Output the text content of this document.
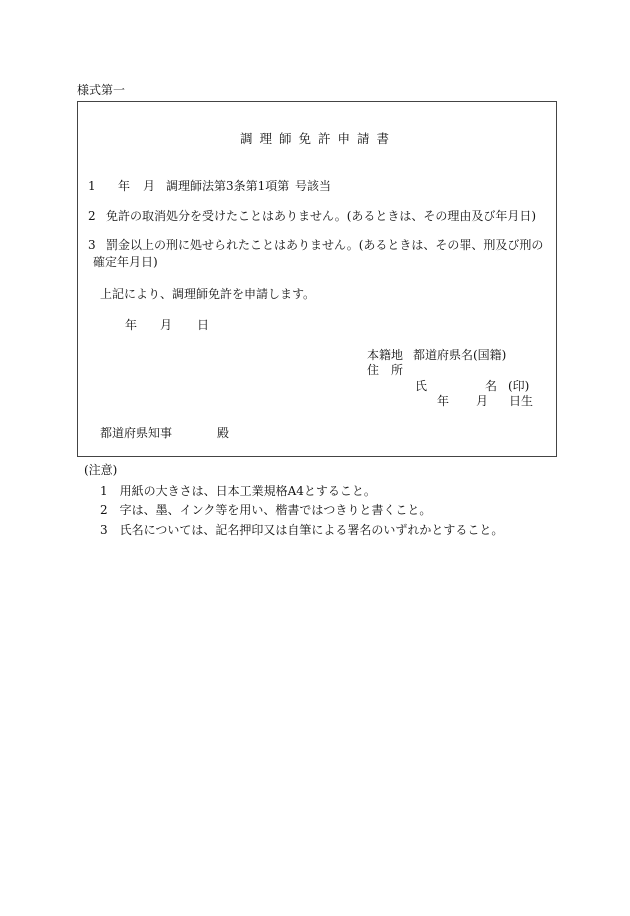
様式第一
調理師免許申請書
1 年 月 調理師法第3条第1項第 号該当
2 免許の取消処分を受けたことはありません。(あるときは、その理由及び年月日)
3 罰金以上の刑に処せられたことはありません。(あるときは、その罪、刑及び刑の
確定年月日)
上記により、調理師免許を申請します。
年 月 日
本籍地 都道府県名(国籍)
住　所
氏	名 (印)
年 月 日生
都道府県知事	殿
(注意)
1　用紙の大きさは、日本工業規格A4とすること。
2　字は、墨、インク等を用い、楷書ではつきりと書くこと。
3　氏名については、記名押印又は自筆による署名のいずれかとすること。
